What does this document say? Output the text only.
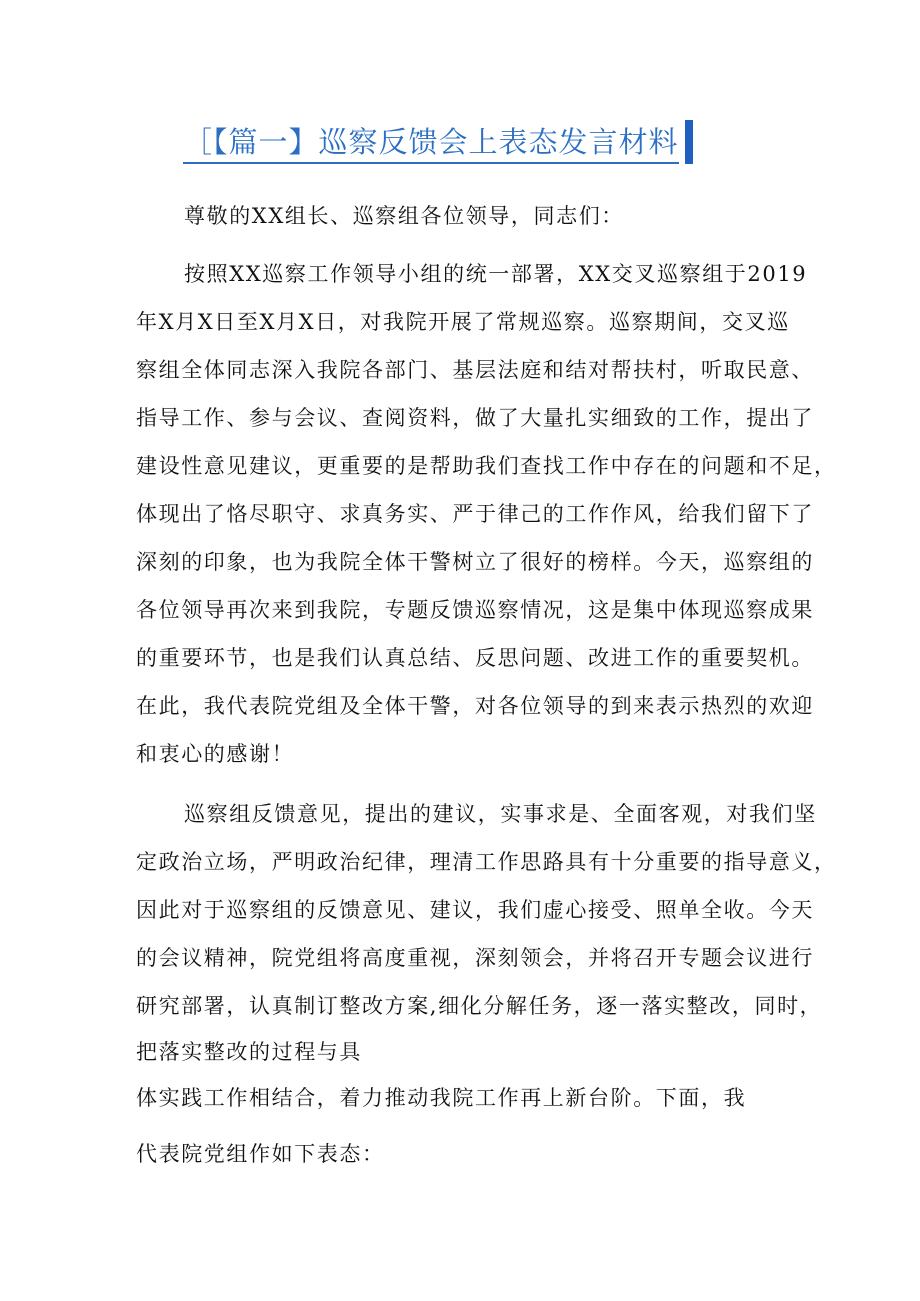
［【篇一】巡察反馈会上表态发言材料
尊敬的XX组长、巡察组各位领导，同志们：
按照XX巡察工作领导小组的统一部署，XX交叉巡察组于2019
年X月X日至X月X日，对我院开展了常规巡察。巡察期间，交叉巡
察组全体同志深入我院各部门、基层法庭和结对帮扶村，听取民意、
指导工作、参与会议、查阅资料，做了大量扎实细致的工作，提出了
建设性意见建议，更重要的是帮助我们查找工作中存在的问题和不足，
体现出了恪尽职守、求真务实、严于律己的工作作风，给我们留下了
深刻的印象，也为我院全体干警树立了很好的榜样。今天，巡察组的
各位领导再次来到我院，专题反馈巡察情况，这是集中体现巡察成果
的重要环节，也是我们认真总结、反思问题、改进工作的重要契机。
在此，我代表院党组及全体干警，对各位领导的到来表示热烈的欢迎
和衷心的感谢！
巡察组反馈意见，提出的建议，实事求是、全面客观，对我们坚
定政治立场，严明政治纪律，理清工作思路具有十分重要的指导意义，
因此对于巡察组的反馈意见、建议，我们虚心接受、照单全收。今天
的会议精神，院党组将高度重视，深刻领会，并将召开专题会议进行
研究部署，认真制订整改方案,细化分解任务，逐一落实整改，同时，
把落实整改的过程与具
体实践工作相结合，着力推动我院工作再上新台阶。下面，我
代表院党组作如下表态：
